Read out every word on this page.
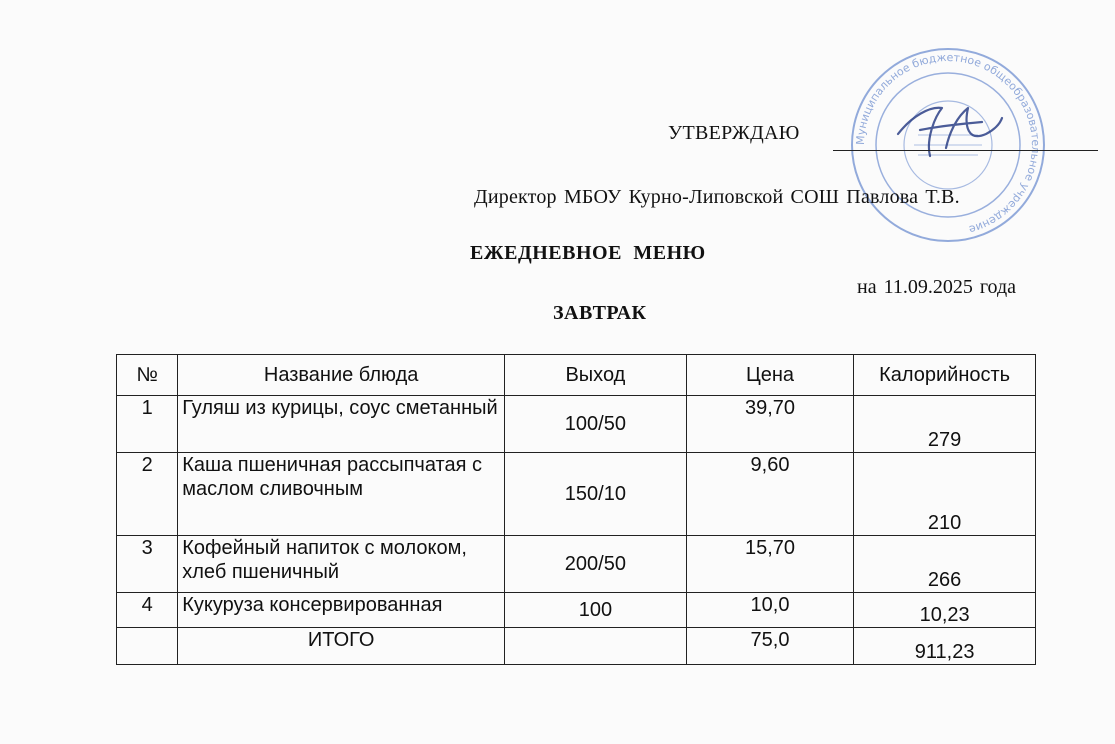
Муниципальное бюджетное общеобразовательное учреждение
УТВЕРЖДАЮ
Директор МБОУ Курно-Липовской СОШ Павлова Т.В.
ЕЖЕДНЕВНОЕ МЕНЮ
на 11.09.2025 года
ЗАВТРАК
№	Название блюда	Выход	Цена	Калорийность
1	Гуляш из курицы, соус сметанный	100/50	39,70	279
2	Каша пшеничная рассыпчатая с маслом сливочным	150/10	9,60	210
3	Кофейный напиток с молоком, хлеб пшеничный	200/50	15,70	266
4	Кукуруза консервированная	100	10,0	10,23
	ИТОГО		75,0	911,23
